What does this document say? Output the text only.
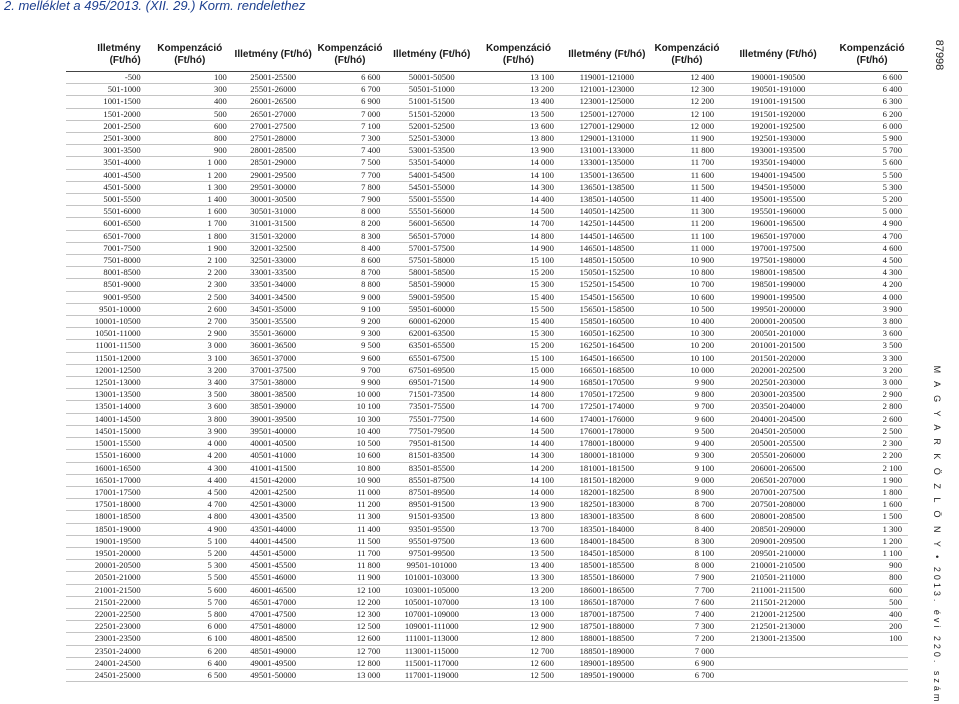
2. melléklet a 495/2013. (XII. 29.) Korm. rendelethez
87998
M A G Y A R K Ö Z L Ö N Y • 2013. évi 220. szám
Illetmény (Ft/hó)	Kompenzáció (Ft/hó)	Illetmény (Ft/hó)	Kompenzáció (Ft/hó)	Illetmény (Ft/hó)	Kompenzáció (Ft/hó)	Illetmény (Ft/hó)	Kompenzáció (Ft/hó)	Illetmény (Ft/hó)	Kompenzáció (Ft/hó)
-500	100	25001-25500	6 600	50001-50500	13 100	119001-121000	12 400	190001-190500	6 600
501-1000	300	25501-26000	6 700	50501-51000	13 200	121001-123000	12 300	190501-191000	6 400
1001-1500	400	26001-26500	6 900	51001-51500	13 400	123001-125000	12 200	191001-191500	6 300
1501-2000	500	26501-27000	7 000	51501-52000	13 500	125001-127000	12 100	191501-192000	6 200
2001-2500	600	27001-27500	7 100	52001-52500	13 600	127001-129000	12 000	192001-192500	6 000
2501-3000	800	27501-28000	7 300	52501-53000	13 800	129001-131000	11 900	192501-193000	5 900
3001-3500	900	28001-28500	7 400	53001-53500	13 900	131001-133000	11 800	193001-193500	5 700
3501-4000	1 000	28501-29000	7 500	53501-54000	14 000	133001-135000	11 700	193501-194000	5 600
4001-4500	1 200	29001-29500	7 700	54001-54500	14 100	135001-136500	11 600	194001-194500	5 500
4501-5000	1 300	29501-30000	7 800	54501-55000	14 300	136501-138500	11 500	194501-195000	5 300
5001-5500	1 400	30001-30500	7 900	55001-55500	14 400	138501-140500	11 400	195001-195500	5 200
5501-6000	1 600	30501-31000	8 000	55501-56000	14 500	140501-142500	11 300	195501-196000	5 000
6001-6500	1 700	31001-31500	8 200	56001-56500	14 700	142501-144500	11 200	196001-196500	4 900
6501-7000	1 800	31501-32000	8 300	56501-57000	14 800	144501-146500	11 100	196501-197000	4 700
7001-7500	1 900	32001-32500	8 400	57001-57500	14 900	146501-148500	11 000	197001-197500	4 600
7501-8000	2 100	32501-33000	8 600	57501-58000	15 100	148501-150500	10 900	197501-198000	4 500
8001-8500	2 200	33001-33500	8 700	58001-58500	15 200	150501-152500	10 800	198001-198500	4 300
8501-9000	2 300	33501-34000	8 800	58501-59000	15 300	152501-154500	10 700	198501-199000	4 200
9001-9500	2 500	34001-34500	9 000	59001-59500	15 400	154501-156500	10 600	199001-199500	4 000
9501-10000	2 600	34501-35000	9 100	59501-60000	15 500	156501-158500	10 500	199501-200000	3 900
10001-10500	2 700	35001-35500	9 200	60001-62000	15 400	158501-160500	10 400	200001-200500	3 800
10501-11000	2 900	35501-36000	9 300	62001-63500	15 300	160501-162500	10 300	200501-201000	3 600
11001-11500	3 000	36001-36500	9 500	63501-65500	15 200	162501-164500	10 200	201001-201500	3 500
11501-12000	3 100	36501-37000	9 600	65501-67500	15 100	164501-166500	10 100	201501-202000	3 300
12001-12500	3 200	37001-37500	9 700	67501-69500	15 000	166501-168500	10 000	202001-202500	3 200
12501-13000	3 400	37501-38000	9 900	69501-71500	14 900	168501-170500	9 900	202501-203000	3 000
13001-13500	3 500	38001-38500	10 000	71501-73500	14 800	170501-172500	9 800	203001-203500	2 900
13501-14000	3 600	38501-39000	10 100	73501-75500	14 700	172501-174000	9 700	203501-204000	2 800
14001-14500	3 800	39001-39500	10 300	75501-77500	14 600	174001-176000	9 600	204001-204500	2 600
14501-15000	3 900	39501-40000	10 400	77501-79500	14 500	176001-178000	9 500	204501-205000	2 500
15001-15500	4 000	40001-40500	10 500	79501-81500	14 400	178001-180000	9 400	205001-205500	2 300
15501-16000	4 200	40501-41000	10 600	81501-83500	14 300	180001-181000	9 300	205501-206000	2 200
16001-16500	4 300	41001-41500	10 800	83501-85500	14 200	181001-181500	9 100	206001-206500	2 100
16501-17000	4 400	41501-42000	10 900	85501-87500	14 100	181501-182000	9 000	206501-207000	1 900
17001-17500	4 500	42001-42500	11 000	87501-89500	14 000	182001-182500	8 900	207001-207500	1 800
17501-18000	4 700	42501-43000	11 200	89501-91500	13 900	182501-183000	8 700	207501-208000	1 600
18001-18500	4 800	43001-43500	11 300	91501-93500	13 800	183001-183500	8 600	208001-208500	1 500
18501-19000	4 900	43501-44000	11 400	93501-95500	13 700	183501-184000	8 400	208501-209000	1 300
19001-19500	5 100	44001-44500	11 500	95501-97500	13 600	184001-184500	8 300	209001-209500	1 200
19501-20000	5 200	44501-45000	11 700	97501-99500	13 500	184501-185000	8 100	209501-210000	1 100
20001-20500	5 300	45001-45500	11 800	99501-101000	13 400	185001-185500	8 000	210001-210500	900
20501-21000	5 500	45501-46000	11 900	101001-103000	13 300	185501-186000	7 900	210501-211000	800
21001-21500	5 600	46001-46500	12 100	103001-105000	13 200	186001-186500	7 700	211001-211500	600
21501-22000	5 700	46501-47000	12 200	105001-107000	13 100	186501-187000	7 600	211501-212000	500
22001-22500	5 800	47001-47500	12 300	107001-109000	13 000	187001-187500	7 400	212001-212500	400
22501-23000	6 000	47501-48000	12 500	109001-111000	12 900	187501-188000	7 300	212501-213000	200
23001-23500	6 100	48001-48500	12 600	111001-113000	12 800	188001-188500	7 200	213001-213500	100
23501-24000	6 200	48501-49000	12 700	113001-115000	12 700	188501-189000	7 000		
24001-24500	6 400	49001-49500	12 800	115001-117000	12 600	189001-189500	6 900		
24501-25000	6 500	49501-50000	13 000	117001-119000	12 500	189501-190000	6 700		
